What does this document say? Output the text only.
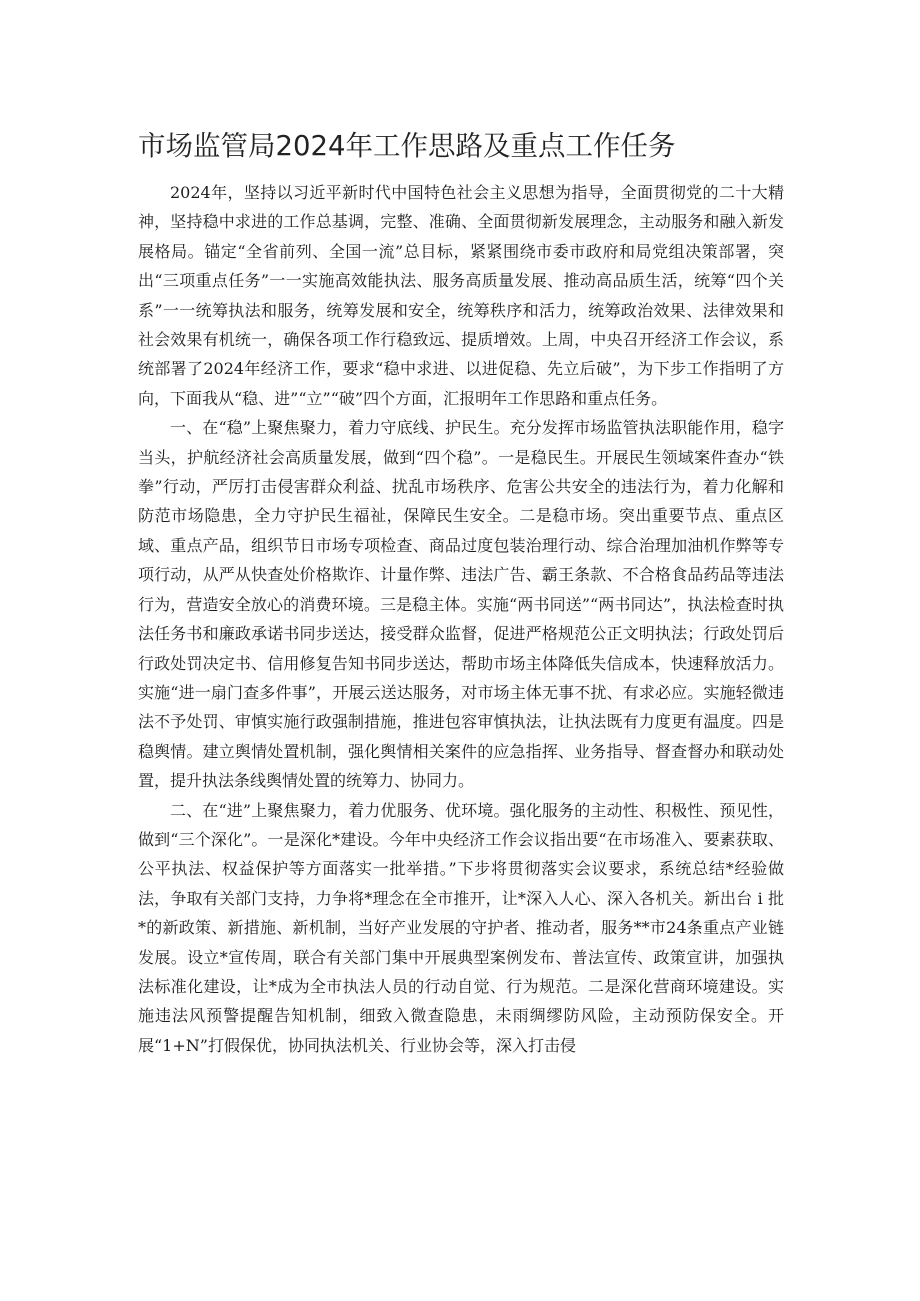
市场监管局2024年工作思路及重点工作任务

2024年，坚持以习近平新时代中国特色社会主义思想为指导，全面贯彻党的二十大精神，坚持稳中求进的工作总基调，完整、准确、全面贯彻新发展理念，主动服务和融入新发展格局。锚定“全省前列、全国一流”总目标，紧紧围绕市委市政府和局党组决策部署，突出“三项重点任务”一一实施高效能执法、服务高质量发展、推动高品质生活，统筹“四个关系”一一统筹执法和服务，统筹发展和安全，统筹秩序和活力，统筹政治效果、法律效果和社会效果有机统一，确保各项工作行稳致远、提质增效。上周，中央召开经济工作会议，系统部署了2024年经济工作，要求“稳中求进、以进促稳、先立后破”，为下步工作指明了方向，下面我从“稳、进”“立”“破”四个方面，汇报明年工作思路和重点任务。

一、在“稳”上聚焦聚力，着力守底线、护民生。充分发挥市场监管执法职能作用，稳字当头，护航经济社会高质量发展，做到“四个稳”。一是稳民生。开展民生领域案件查办“铁拳”行动，严厉打击侵害群众利益、扰乱市场秩序、危害公共安全的违法行为，着力化解和防范市场隐患，全力守护民生福祉，保障民生安全。二是稳市场。突出重要节点、重点区域、重点产品，组织节日市场专项检查、商品过度包装治理行动、综合治理加油机作弊等专项行动，从严从快查处价格欺诈、计量作弊、违法广告、霸王条款、不合格食品药品等违法行为，营造安全放心的消费环境。三是稳主体。实施“两书同送”“两书同达”，执法检查时执法任务书和廉政承诺书同步送达，接受群众监督，促进严格规范公正文明执法；行政处罚后行政处罚决定书、信用修复告知书同步送达，帮助市场主体降低失信成本，快速释放活力。实施“进一扇门查多件事”，开展云送达服务，对市场主体无事不扰、有求必应。实施轻微违法不予处罚、审慎实施行政强制措施，推进包容审慎执法，让执法既有力度更有温度。四是稳舆情。建立舆情处置机制，强化舆情相关案件的应急指挥、业务指导、督查督办和联动处置，提升执法条线舆情处置的统筹力、协同力。

二、在“进”上聚焦聚力，着力优服务、优环境。强化服务的主动性、积极性、预见性，做到“三个深化”。一是深化*建设。今年中央经济工作会议指出要“在市场准入、要素获取、公平执法、权益保护等方面落实一批举措。”下步将贯彻落实会议要求，系统总结*经验做法，争取有关部门支持，力争将*理念在全市推开，让*深入人心、深入各机关。新出台 i 批*的新政策、新措施、新机制，当好产业发展的守护者、推动者，服务**市24条重点产业链发展。设立*宣传周，联合有关部门集中开展典型案例发布、普法宣传、政策宣讲，加强执法标准化建设，让*成为全市执法人员的行动自觉、行为规范。二是深化营商环境建设。实施违法风预警提醒告知机制，细致入微查隐患，未雨绸缪防风险，主动预防保安全。开展“1+N”打假保优，协同执法机关、行业协会等，深入打击侵
